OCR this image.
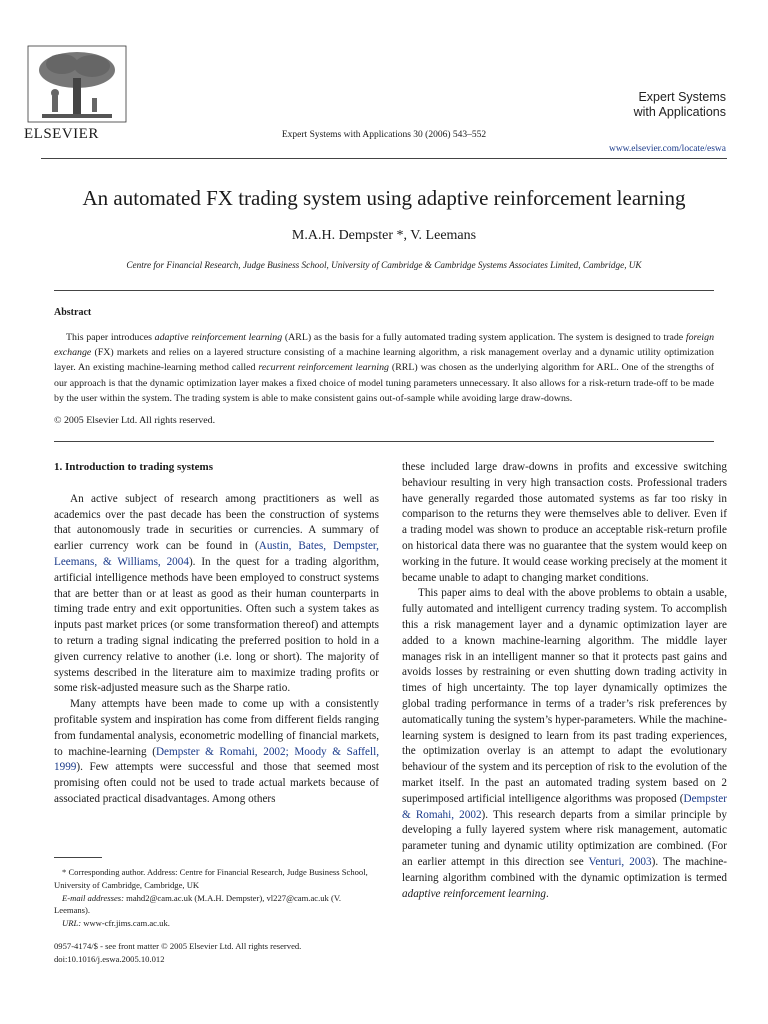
ELSEVIER	Expert Systems with Applications 30 (2006) 543–552
Expert Systems
with Applications
www.elsevier.com/locate/eswa
An automated FX trading system using adaptive reinforcement learning
M.A.H. Dempster *, V. Leemans
Centre for Financial Research, Judge Business School, University of Cambridge & Cambridge Systems Associates Limited, Cambridge, UK
Abstract

This paper introduces adaptive reinforcement learning (ARL) as the basis for a fully automated trading system application. The system is designed to trade foreign exchange (FX) markets and relies on a layered structure consisting of a machine learning algorithm, a risk management overlay and a dynamic utility optimization layer. An existing machine-learning method called recurrent reinforcement learning (RRL) was chosen as the underlying algorithm for ARL. One of the strengths of our approach is that the dynamic optimization layer makes a fixed choice of model tuning parameters unnecessary. It also allows for a risk-return trade-off to be made by the user within the system. The trading system is able to make consistent gains out-of-sample while avoiding large draw-downs.

© 2005 Elsevier Ltd. All rights reserved.

1. Introduction to trading systems

An active subject of research among practitioners as well as academics over the past decade has been the construction of systems that autonomously trade in securities or currencies. A summary of earlier currency work can be found in (Austin, Bates, Dempster, Leemans, & Williams, 2004). In the quest for a trading algorithm, artificial intelligence methods have been employed to construct systems that are better than or at least as good as their human counterparts in timing trade entry and exit opportunities. Often such a system takes as inputs past market prices (or some transformation thereof) and attempts to return a trading signal indicating the preferred position to hold in a given currency relative to another (i.e. long or short). The majority of systems described in the literature aim to maximize trading profits or some risk-adjusted measure such as the Sharpe ratio.

Many attempts have been made to come up with a consistently profitable system and inspiration has come from different fields ranging from fundamental analysis, econometric modelling of financial markets, to machine-learning (Dempster & Romahi, 2002; Moody & Saffell, 1999). Few attempts were successful and those that seemed most promising often could not be used to trade actual markets because of associated practical disadvantages. Among others

these included large draw-downs in profits and excessive switching behaviour resulting in very high transaction costs. Professional traders have generally regarded those automated systems as far too risky in comparison to the returns they were themselves able to deliver. Even if a trading model was shown to produce an acceptable risk-return profile on historical data there was no guarantee that the system would keep on working in the future. It would cease working precisely at the moment it became unable to adapt to changing market conditions.

This paper aims to deal with the above problems to obtain a usable, fully automated and intelligent currency trading system. To accomplish this a risk management layer and a dynamic optimization layer are added to a known machine-learning algorithm. The middle layer manages risk in an intelligent manner so that it protects past gains and avoids losses by restraining or even shutting down trading activity in times of high uncertainty. The top layer dynamically optimizes the global trading performance in terms of a trader’s risk preferences by automatically tuning the system’s hyper-parameters. While the machine-learning system is designed to learn from its past trading experiences, the optimization overlay is an attempt to adapt the evolutionary behaviour of the system and its perception of risk to the evolution of the market itself. In the past an automated trading system based on 2 superimposed artificial intelligence algorithms was proposed (Dempster & Romahi, 2002). This research departs from a similar principle by developing a fully layered system where risk management, automatic parameter tuning and dynamic utility optimization are combined. (For an earlier attempt in this direction see Venturi, 2003). The machine-learning algorithm combined with the dynamic optimization is termed adaptive reinforcement learning.

* Corresponding author. Address: Centre for Financial Research, Judge Business School, University of Cambridge, Cambridge, UK

E-mail addresses: mahd2@cam.ac.uk (M.A.H. Dempster), vl227@cam.ac.uk (V. Leemans).

URL: www-cfr.jims.cam.ac.uk.

0957-4174/$ - see front matter © 2005 Elsevier Ltd. All rights reserved.
doi:10.1016/j.eswa.2005.10.012
